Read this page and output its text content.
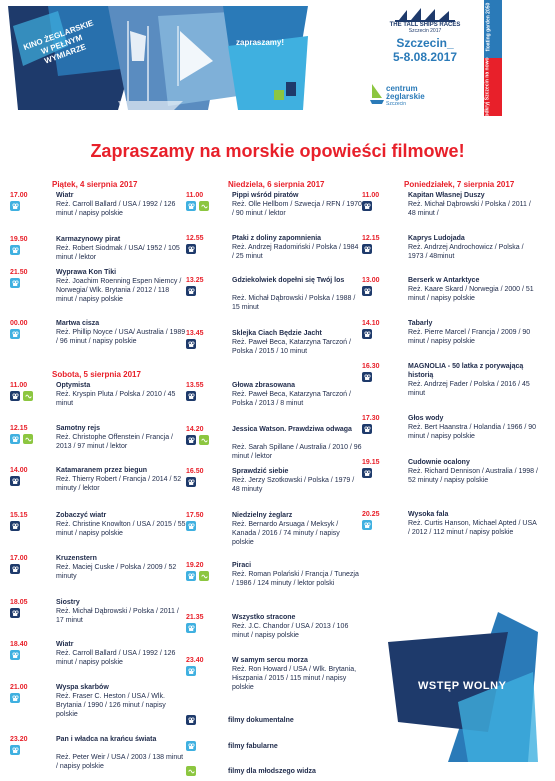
KINO ŻEGLARSKIE W PEŁNYM WYMIARZE	zapraszamy!
THE TALL SHIPS RACES
Szczecin 2017
Szczecin_
5-8.08.2017
centrum
żeglarskie
Szczecin
floating garden 2050
odkryj Szczecin na nowo
Zapraszamy na morskie opowieści filmowe!
Piątek, 4 sierpnia 2017
Sobota, 5 sierpnia 2017
17.00	Wiatr
Reż. Carroll Ballard / USA / 1992 / 126 minut / napisy polskie
19.50	Karmazynowy pirat
Reż. Robert Siodmak / USA/ 1952 / 105 minut / lektor
21.50	Wyprawa Kon Tiki
Reż. Joachim Roenning Espen Niemcy / Norwegia/ Wlk. Brytania / 2012 / 118 minut / napisy polskie
00.00	Martwa cisza
Reż. Phillip Noyce / USA/ Australia / 1989 / 96 minut / napisy polskie
11.00	Optymista
Reż. Kryspin Pluta / Polska / 2010 / 45 minut
12.15	Samotny rejs
Reż. Christophe Offenstein / Francja / 2013 / 97 minut / lektor
14.00	Katamaranem przez biegun
Reż. Thierry Robert / Francja / 2014 / 52 minuty / lektor
15.15	Zobaczyć wiatr
Reż. Christine Knowlton / USA / 2015 / 55 minut / napisy polskie
17.00	Kruzenstern
Reż. Maciej Cuske / Polska / 2009 / 52 minuty
18.05	Siostry
Reż. Michał Dąbrowski / Polska / 2011 / 17 minut
18.40	Wiatr
Reż. Carroll Ballard / USA / 1992 / 126 minut / napisy polskie
21.00	Wyspa skarbów
Reż. Fraser C. Heston / USA / Wlk. Brytania / 1990 / 126 minut / napisy polskie
23.20	Pan i władca na krańcu świata
Reż. Peter Weir / USA / 2003 / 138 minut / napisy polskie
Niedziela, 6 sierpnia 2017
11.00	Pippi wśród piratów
Reż. Olle Hellbom / Szwecja / RFN / 1970 / 90 minut / lektor
12.55	Ptaki z doliny zapomnienia
Reż. Andrzej Radomiński / Polska / 1984 / 25 minut
13.25	Gdziekolwiek dopełni się Twój los
Reż. Michał Dąbrowski / Polska / 1988 / 15 minut
13.45	Sklejka Ciach Będzie Jacht
Reż. Paweł Beca, Katarzyna Tarczoń / Polska / 2015 / 10 minut
13.55	Głowa zbrasowana
Reż. Paweł Beca, Katarzyna Tarczoń / Polska / 2013 / 8 minut
14.20	Jessica Watson. Prawdziwa odwaga
Reż. Sarah Spillane / Australia / 2010 / 96 minut / lektor
16.50	Sprawdzić siebie
Reż. Jerzy Szotkowski / Polska / 1979 / 48 minuty
17.50	Niedzielny żeglarz
Reż. Bernardo Arsuaga / Meksyk / Kanada / 2016 / 74 minuty / napisy polskie
19.20	Piraci
Reż. Roman Polański / Francja / Tunezja / 1986 / 124 minuty / lektor polski
21.35	Wszystko stracone
Reż. J.C. Chandor / USA / 2013 / 106 minut / napisy polskie
23.40	W samym sercu morza
Reż. Ron Howard / USA / Wlk. Brytania, Hiszpania / 2015 / 115 minut / napisy polskie
filmy dokumentalne
filmy fabularne
filmy dla młodszego widza
Poniedziałek, 7 sierpnia 2017
11.00	Kapitan Własnej Duszy
Reż. Michał Dąbrowski / Polska / 2011 / 48 minut /
12.15	Kaprys Ludojada
Reż. Andrzej Androchowicz / Polska / 1973 / 48minut
13.00	Berserk w Antarktyce
Reż. Kaare Skard / Norwegia / 2000 / 51 minut / napisy polskie
14.10	Tabarly
Reż. Pierre Marcel / Francja / 2009 / 90 minut / napisy polskie
16.30	MAGNOLIA - 50 latka z porywającą historią
Reż. Andrzej Fader / Polska / 2016 / 45 minut
17.30	Głos wody
Reż. Bert Haanstra / Holandia / 1966 / 90 minut / napisy polskie
19.15	Cudownie ocalony
Reż. Richard Dennison / Australia / 1998 / 52 minuty / napisy polskie
20.25	Wysoka fala
Reż. Curtis Hanson, Michael Apted / USA / 2012 / 112 minut / napisy polskie
WSTĘP WOLNY
